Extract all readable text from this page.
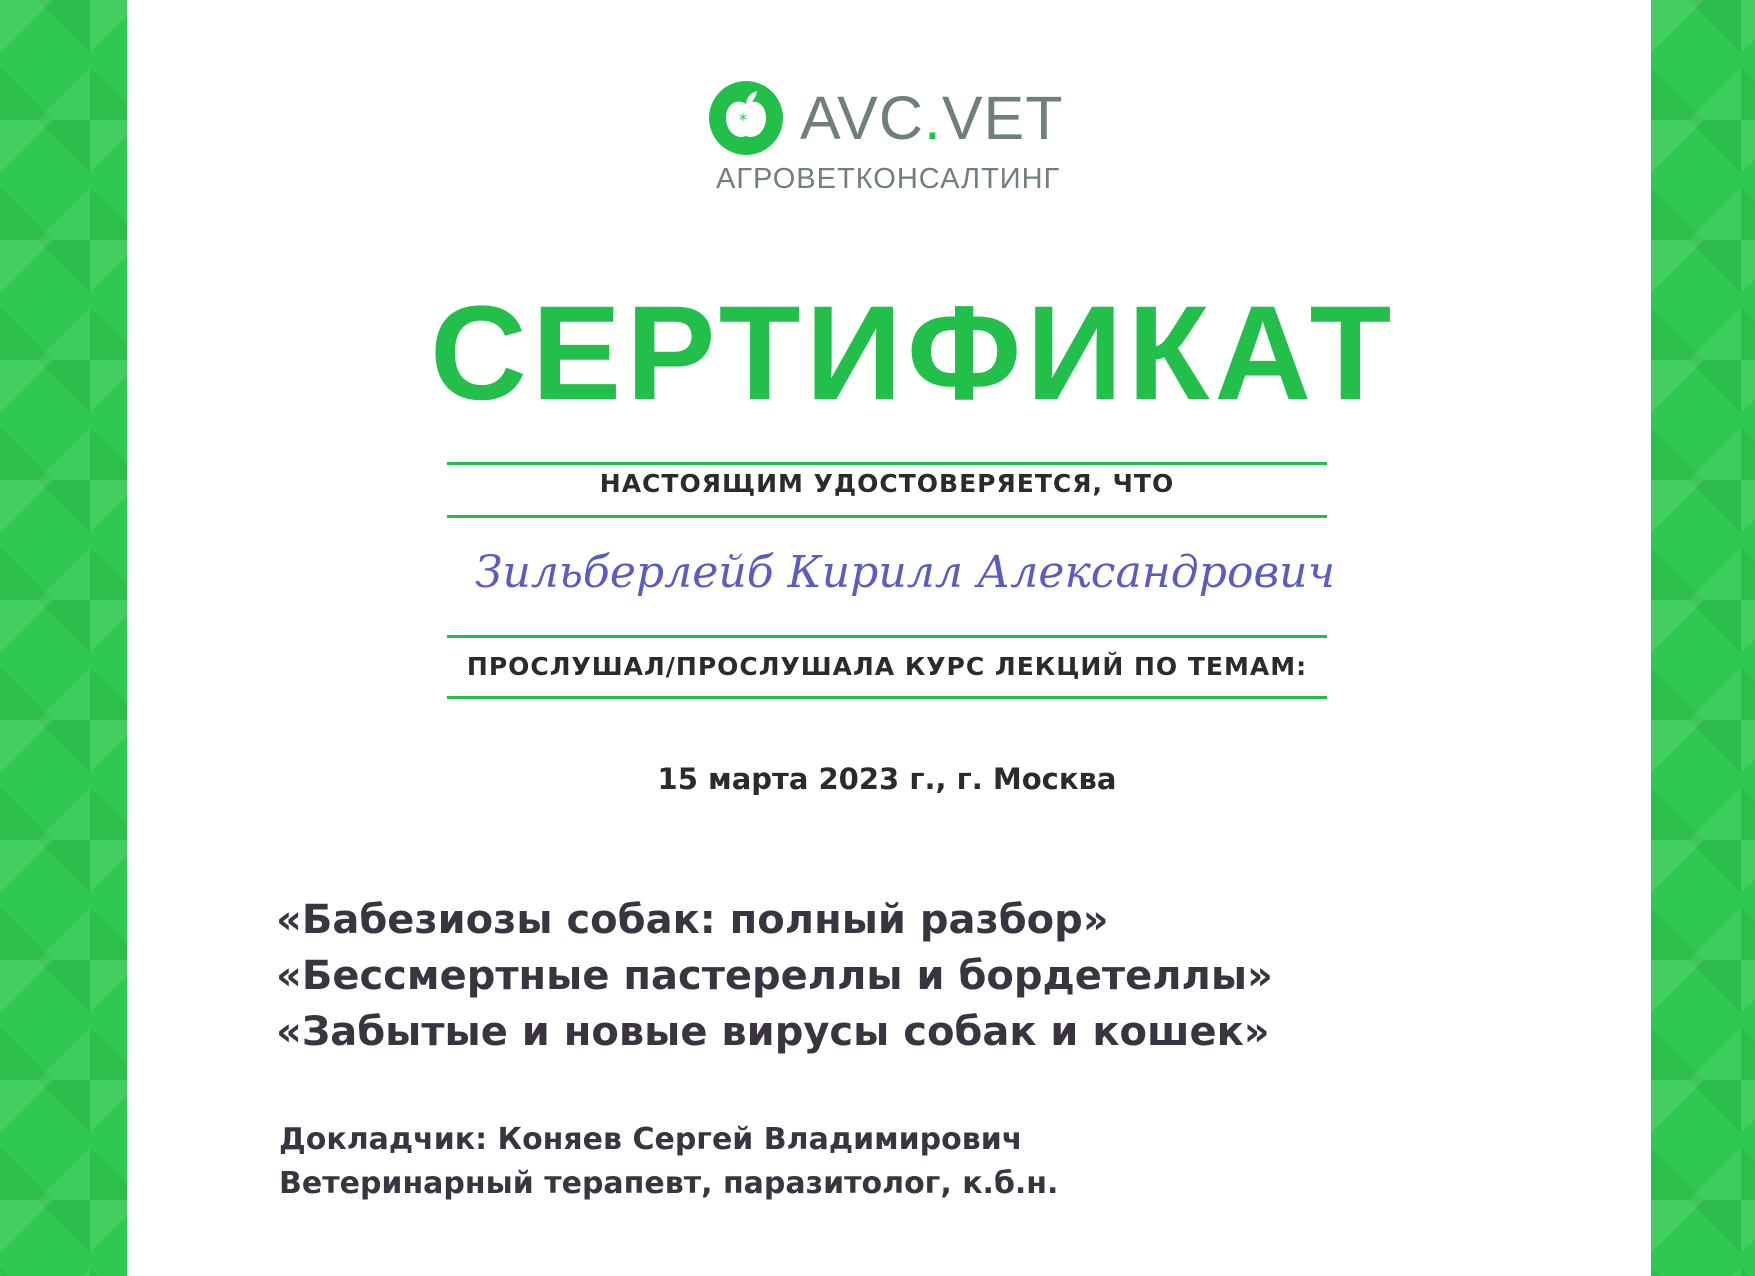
* AVC.VET
АГРОВЕТКОНСАЛТИНГ
СЕРТИФИКАТ
НАСТОЯЩИМ УДОСТОВЕРЯЕТСЯ, ЧТО
Зильберлейб Кирилл Александрович
ПРОСЛУШАЛ/ПРОСЛУШАЛА КУРС ЛЕКЦИЙ ПО ТЕМАМ:
15 марта 2023 г., г. Москва
«Бабезиозы собак: полный разбор»
«Бессмертные пастереллы и бордетеллы»
«Забытые и новые вирусы собак и кошек»
Докладчик: Коняев Сергей Владимирович
Ветеринарный терапевт, паразитолог, к.б.н.
